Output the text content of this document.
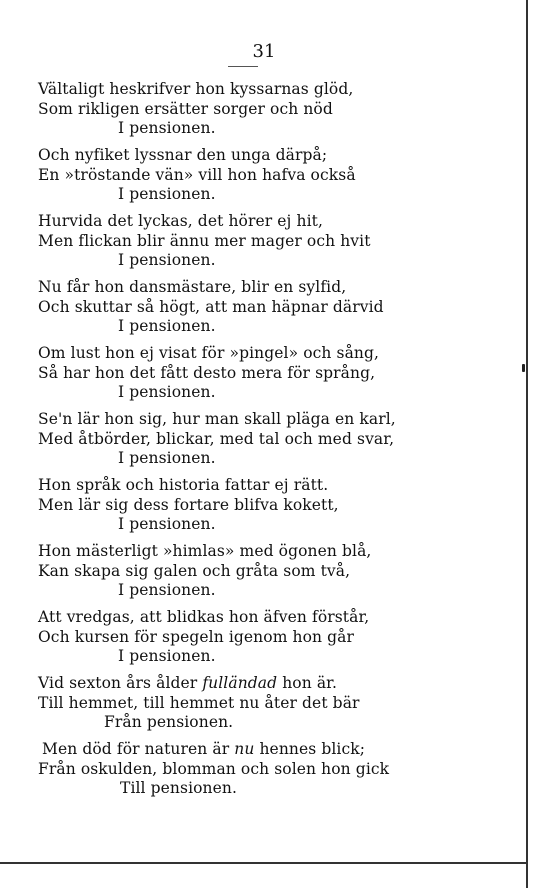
31
Vältaligt heskrifver hon kyssarnas glöd,
Som rikligen ersätter sorger och nöd
I pensionen.
Och nyfiket lyssnar den unga därpå;
En »tröstande vän» vill hon hafva också
I pensionen.
Hurvida det lyckas, det hörer ej hit,
Men flickan blir ännu mer mager och hvit
I pensionen.
Nu får hon dansmästare, blir en sylfid,
Och skuttar så högt, att man häpnar därvid
I pensionen.
Om lust hon ej visat för »pingel» och sång,
Så har hon det fått desto mera för språng,
I pensionen.
Se'n lär hon sig, hur man skall pläga en karl,
Med åtbörder, blickar, med tal och med svar,
I pensionen.
Hon språk och historia fattar ej rätt.
Men lär sig dess fortare blifva kokett,
I pensionen.
Hon mästerligt »himlas» med ögonen blå,
Kan skapa sig galen och gråta som två,
I pensionen.
Att vredgas, att blidkas hon äfven förstår,
Och kursen för spegeln igenom hon går
I pensionen.
Vid sexton års ålder fulländad hon är.
Till hemmet, till hemmet nu åter det bär
Från pensionen.
Men död för naturen är nu hennes blick;
Från oskulden, blomman och solen hon gick
Till pensionen.
